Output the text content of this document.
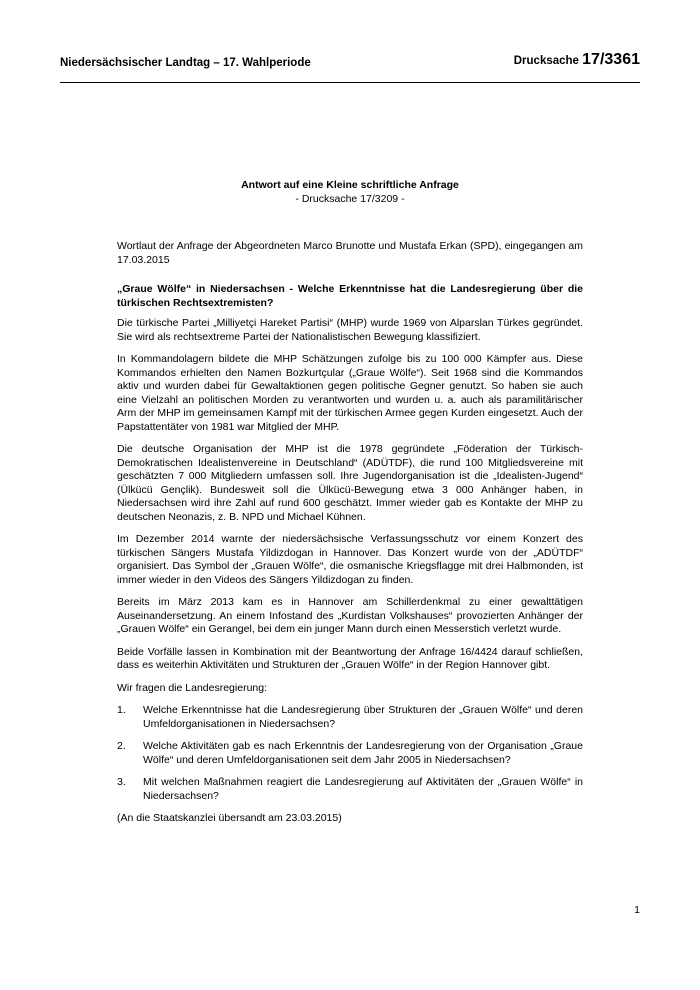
Niedersächsischer Landtag – 17. Wahlperiode	Drucksache 17/3361
Antwort auf eine Kleine schriftliche Anfrage
- Drucksache 17/3209 -

Wortlaut der Anfrage der Abgeordneten Marco Brunotte und Mustafa Erkan (SPD), eingegangen am 17.03.2015

„Graue Wölfe“ in Niedersachsen - Welche Erkenntnisse hat die Landesregierung über die türkischen Rechtsextremisten?

Die türkische Partei „Milliyetçi Hareket Partisi“ (MHP) wurde 1969 von Alparslan Türkes gegründet. Sie wird als rechtsextreme Partei der Nationalistischen Bewegung klassifiziert.

In Kommandolagern bildete die MHP Schätzungen zufolge bis zu 100 000 Kämpfer aus. Diese Kommandos erhielten den Namen Bozkurtçular („Graue Wölfe“). Seit 1968 sind die Kommandos aktiv und wurden dabei für Gewaltaktionen gegen politische Gegner genutzt. So haben sie auch eine Vielzahl an politischen Morden zu verantworten und wurden u. a. auch als paramilitärischer Arm der MHP im gemeinsamen Kampf mit der türkischen Armee gegen Kurden eingesetzt. Auch der Papstattentäter von 1981 war Mitglied der MHP.

Die deutsche Organisation der MHP ist die 1978 gegründete „Föderation der Türkisch-Demokratischen Idealistenvereine in Deutschland“ (ADÜTDF), die rund 100 Mitgliedsvereine mit geschätzten 7 000 Mitgliedern umfassen soll. Ihre Jugendorganisation ist die „Idealisten-Jugend“ (Ülkücü Gençlik). Bundesweit soll die Ülkücü-Bewegung etwa 3 000 Anhänger haben, in Niedersachsen wird ihre Zahl auf rund 600 geschätzt. Immer wieder gab es Kontakte der MHP zu deutschen Neonazis, z. B. NPD und Michael Kühnen.

Im Dezember 2014 warnte der niedersächsische Verfassungsschutz vor einem Konzert des türkischen Sängers Mustafa Yildizdogan in Hannover. Das Konzert wurde von der „ADÜTDF“ organisiert. Das Symbol der „Grauen Wölfe“, die osmanische Kriegsflagge mit drei Halbmonden, ist immer wieder in den Videos des Sängers Yildizdogan zu finden.

Bereits im März 2013 kam es in Hannover am Schillerdenkmal zu einer gewalttätigen Auseinandersetzung. An einem Infostand des „Kurdistan Volkshauses“ provozierten Anhänger der „Grauen Wölfe“ ein Gerangel, bei dem ein junger Mann durch einen Messerstich verletzt wurde.

Beide Vorfälle lassen in Kombination mit der Beantwortung der Anfrage 16/4424 darauf schließen, dass es weiterhin Aktivitäten und Strukturen der „Grauen Wölfe“ in der Region Hannover gibt.

Wir fragen die Landesregierung:

1.	Welche Erkenntnisse hat die Landesregierung über Strukturen der „Grauen Wölfe“ und deren Umfeldorganisationen in Niedersachsen?
2.	Welche Aktivitäten gab es nach Erkenntnis der Landesregierung von der Organisation „Graue Wölfe“ und deren Umfeldorganisationen seit dem Jahr 2005 in Niedersachsen?
3.	Mit welchen Maßnahmen reagiert die Landesregierung auf Aktivitäten der „Grauen Wölfe“ in Niedersachsen?

(An die Staatskanzlei übersandt am 23.03.2015)

1
